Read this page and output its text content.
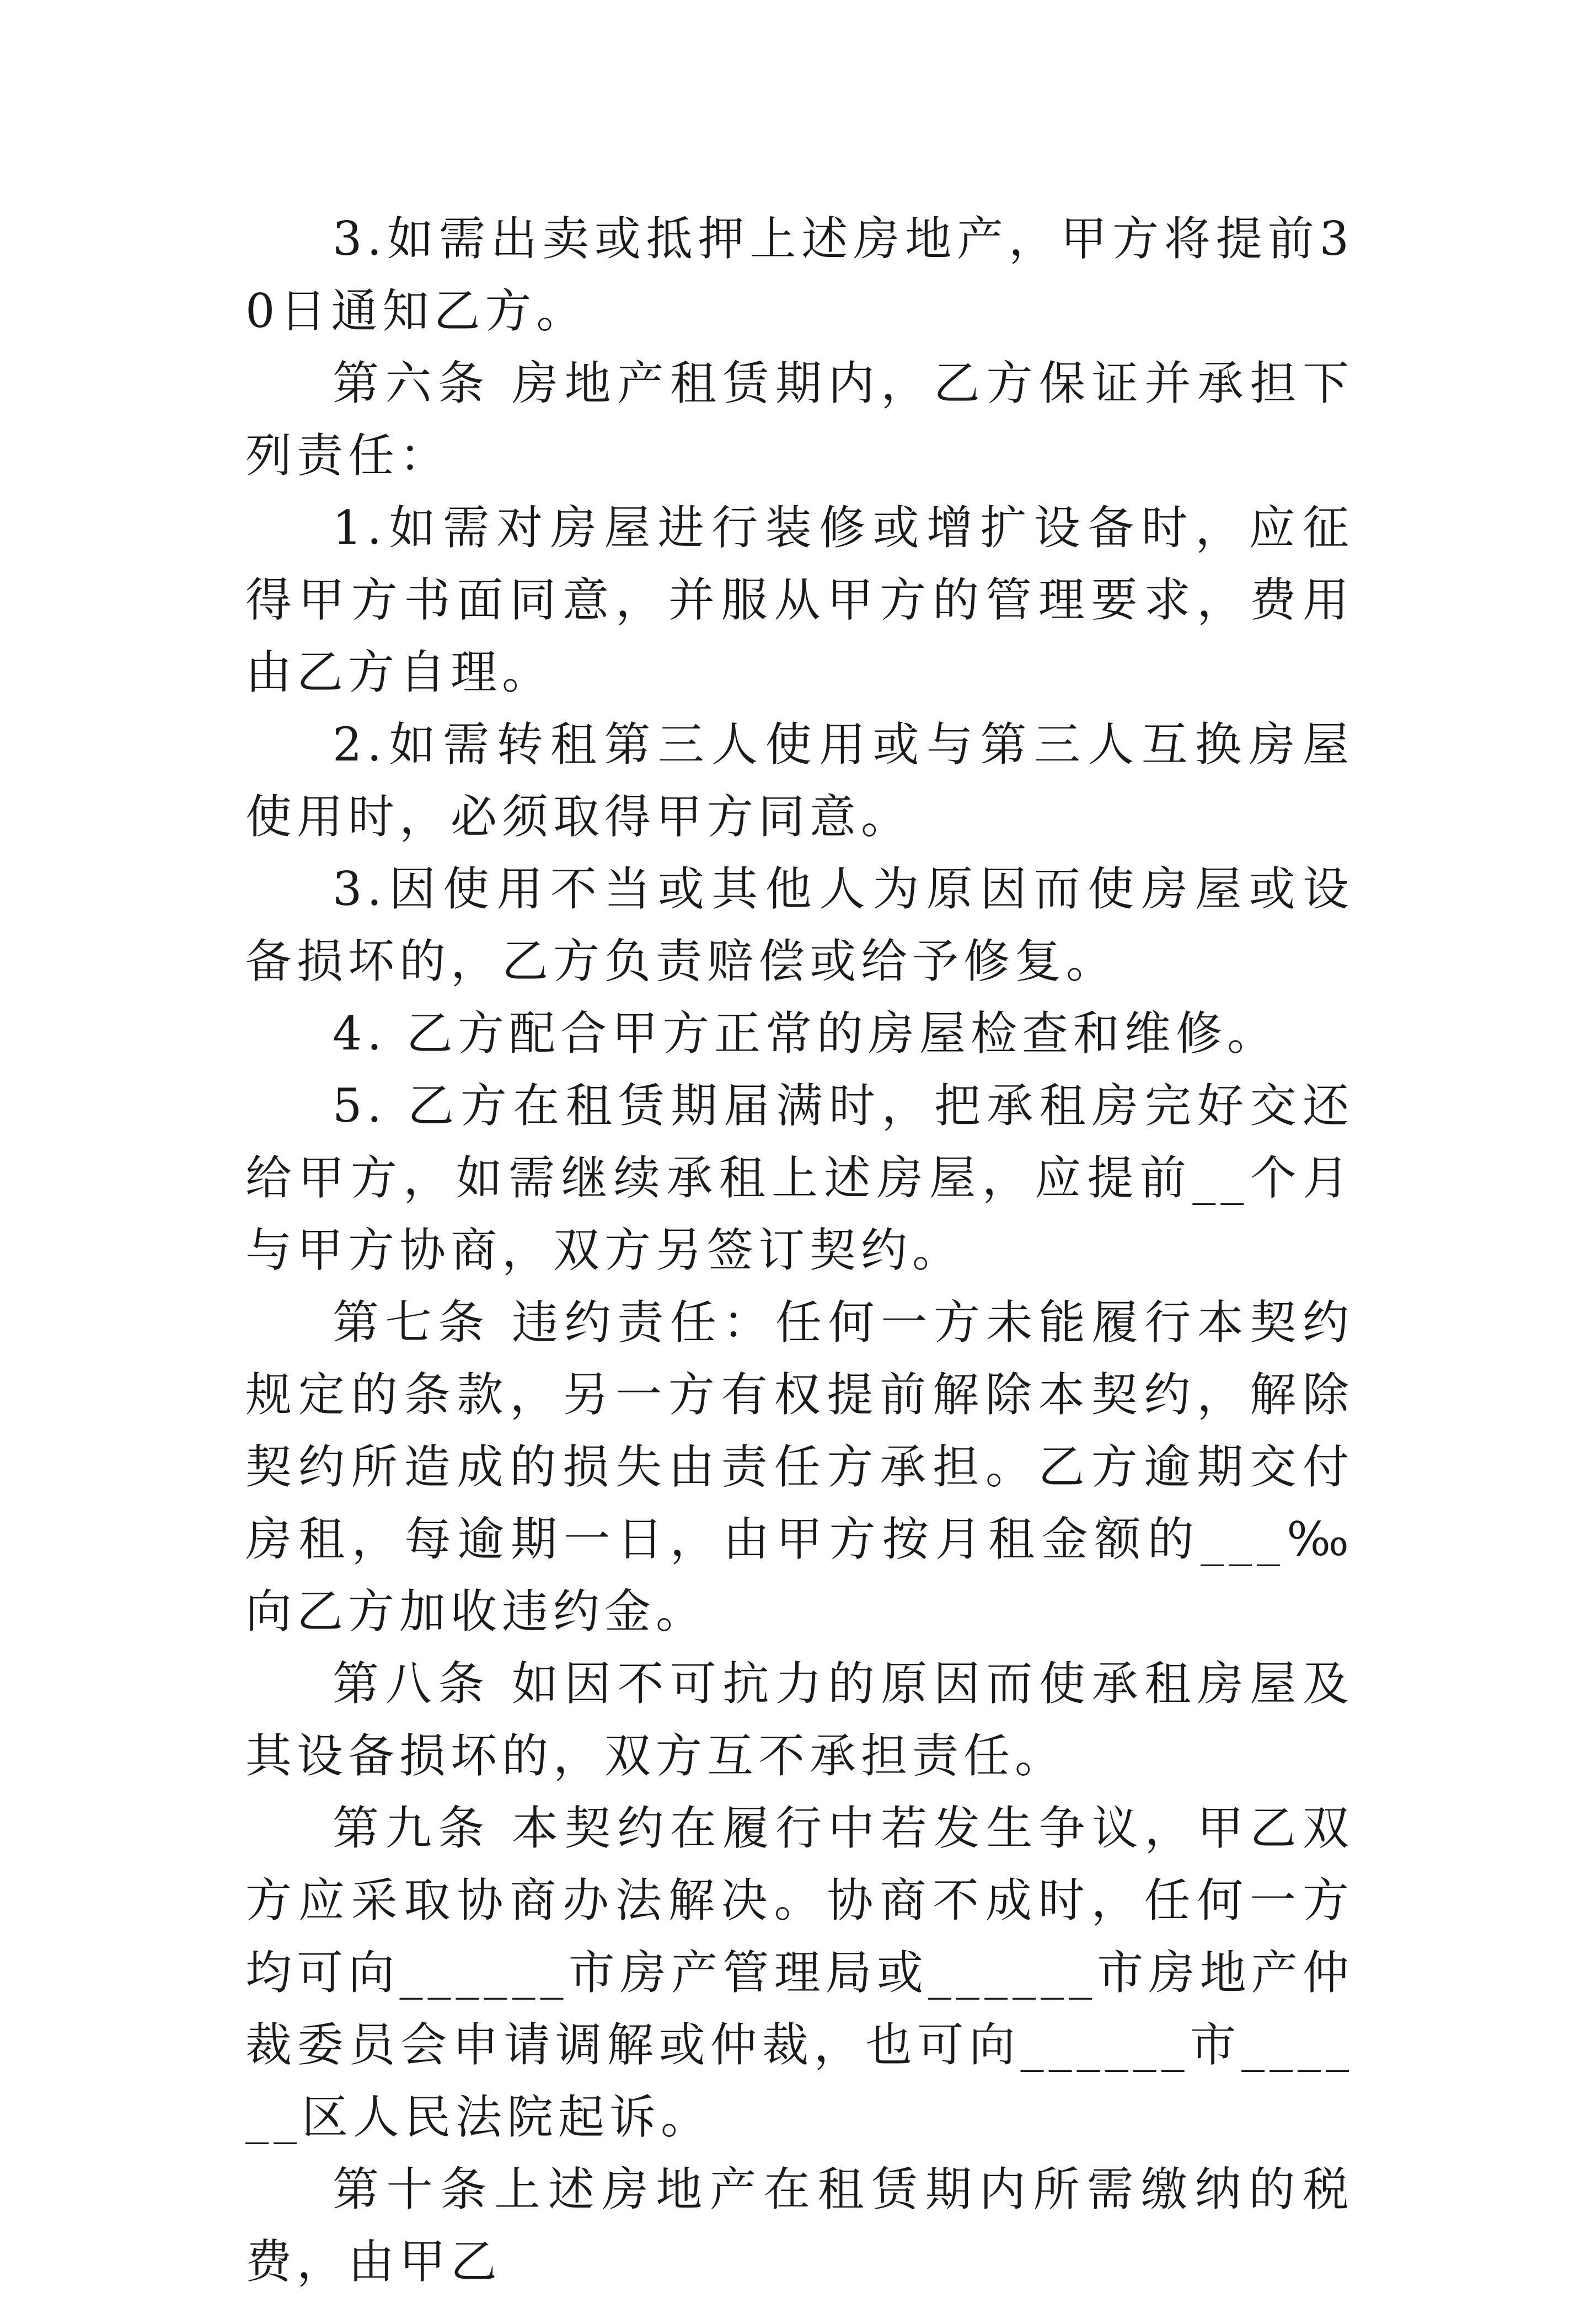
3.如需出卖或抵押上述房地产，甲方将提前30日通知乙方。

第六条 房地产租赁期内，乙方保证并承担下列责任：

1.如需对房屋进行装修或增扩设备时，应征得甲方书面同意，并服从甲方的管理要求，费用由乙方自理。

2.如需转租第三人使用或与第三人互换房屋使用时，必须取得甲方同意。

3.因使用不当或其他人为原因而使房屋或设备损坏的，乙方负责赔偿或给予修复。

4. 乙方配合甲方正常的房屋检查和维修。

5. 乙方在租赁期届满时，把承租房完好交还给甲方，如需继续承租上述房屋，应提前__个月与甲方协商，双方另签订契约。

第七条 违约责任：任何一方未能履行本契约规定的条款，另一方有权提前解除本契约，解除契约所造成的损失由责任方承担。乙方逾期交付房租，每逾期一日，由甲方按月租金额的___‰向乙方加收违约金。

第八条 如因不可抗力的原因而使承租房屋及其设备损坏的，双方互不承担责任。

第九条 本契约在履行中若发生争议，甲乙双方应采取协商办法解决。协商不成时，任何一方均可向______市房产管理局或______市房地产仲裁委员会申请调解或仲裁，也可向______市______区人民法院起诉。

第十条上述房地产在租赁期内所需缴纳的税费，由甲乙
